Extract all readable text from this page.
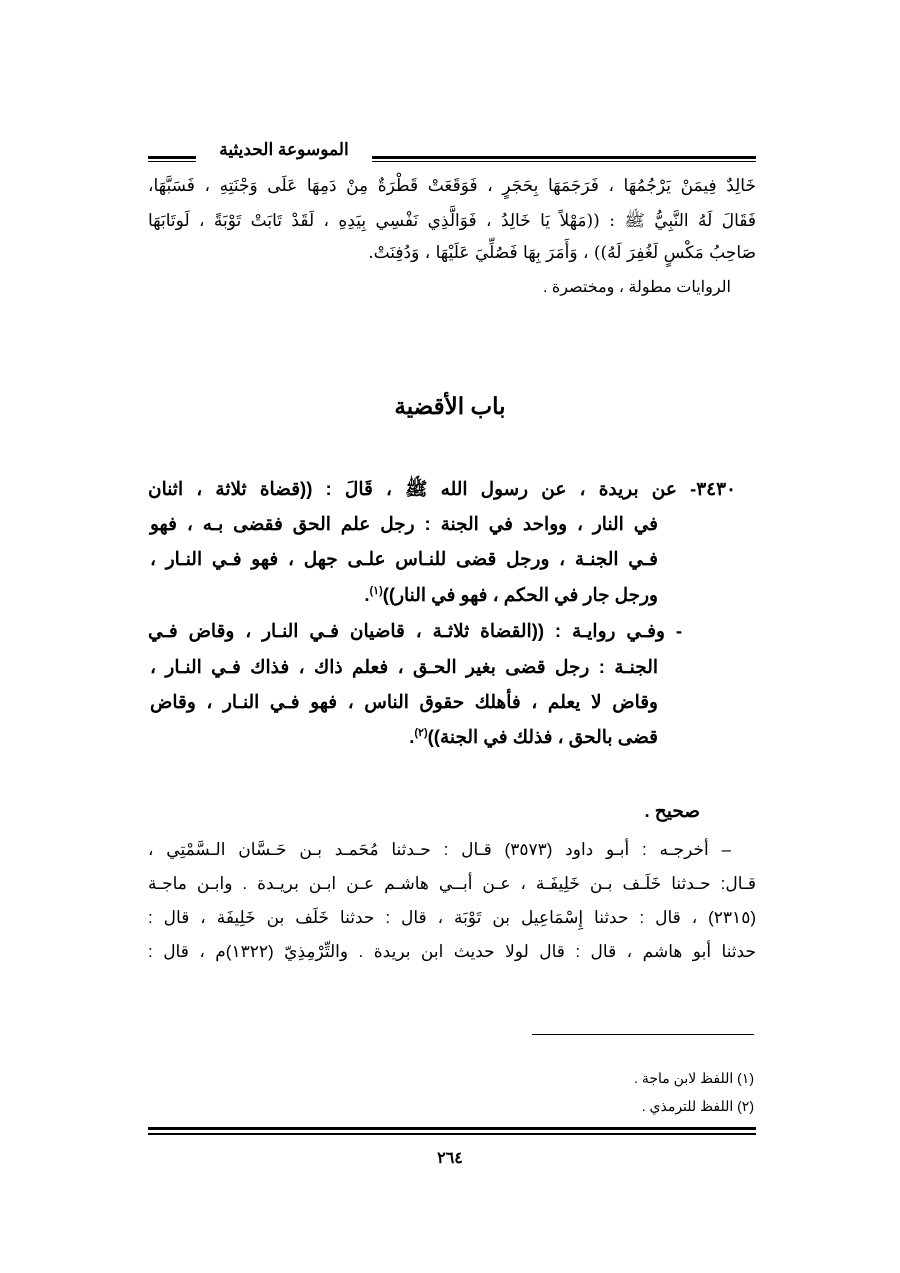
الموسوعة الحديثية
خَالِدٌ فِيمَنْ يَرْجُمُهَا ، فَرَجَمَهَا بِحَجَرٍ ، فَوَقَعَتْ قَطْرَةٌ مِنْ دَمِهَا عَلَى وَجْنَتِهِ ، فَسَبَّهَا،
فَقَالَ لَهُ النَّبِيُّ ﷺ : ((مَهْلاً يَا خَالِدُ ، فَوَالَّذِي نَفْسِي بِيَدِهِ ، لَقَدْ تَابَتْ تَوْبَةً ، لَوتَابَهَا
صَاحِبُ مَكْسٍ لَغُفِرَ لَهُ)) ، وَأَمَرَ بِهَا فَصُلِّيَ عَلَيْهَا ، وَدُفِنَتْ.
الروايات مطولة ، ومختصرة .
باب الأقضية
٣٤٣٠- عن بريدة ، عن رسول الله ﷺ ، قَالَ : ((قضاة ثلاثة ، اثنان
في النار ، وواحد في الجنة : رجل علم الحق فقضى بـه ، فهو
فـي الجنـة ، ورجل قضى للنـاس علـى جهل ، فهو فـي النـار ،
ورجل جار في الحكم ، فهو في النار))$^{(١)}$.
- وفـي روايـة : ((القضاة ثلاثـة ، قاضيان فـي النـار ، وقاض فـي
الجنـة : رجل قضى بغير الحـق ، فعلم ذاك ، فذاك فـي النـار ،
وقاض لا يعلم ، فأهلك حقوق الناس ، فهو فـي النـار ، وقاض
قضى بالحق ، فذلك في الجنة))$^{(٢)}$.
صحيح .
– أخرجـه : أبـو داود (٣٥٧٣) قـال : حـدثنا مُحَمـد بـن حَـسَّان الـسَّمْتِي ،
قـال: حـدثنا خَلَـف بـن خَلِيفَـة ، عـن أبــي هاشـم عـن ابـن بريـدة . وابـن ماجـة
(٢٣١٥) ، قال : حدثنا إِسْمَاعِيل بن تَوْبَة ، قال : حدثنا خَلَف بن خَلِيفَة ، قال :
حدثنا أبو هاشم ، قال : قال لولا حديث ابن بريدة . والتِّرْمِذِيّ (١٣٢٢)م ، قال :
(١) اللفظ لابن ماجة .
(٢) اللفظ للترمذي .
٢٦٤
